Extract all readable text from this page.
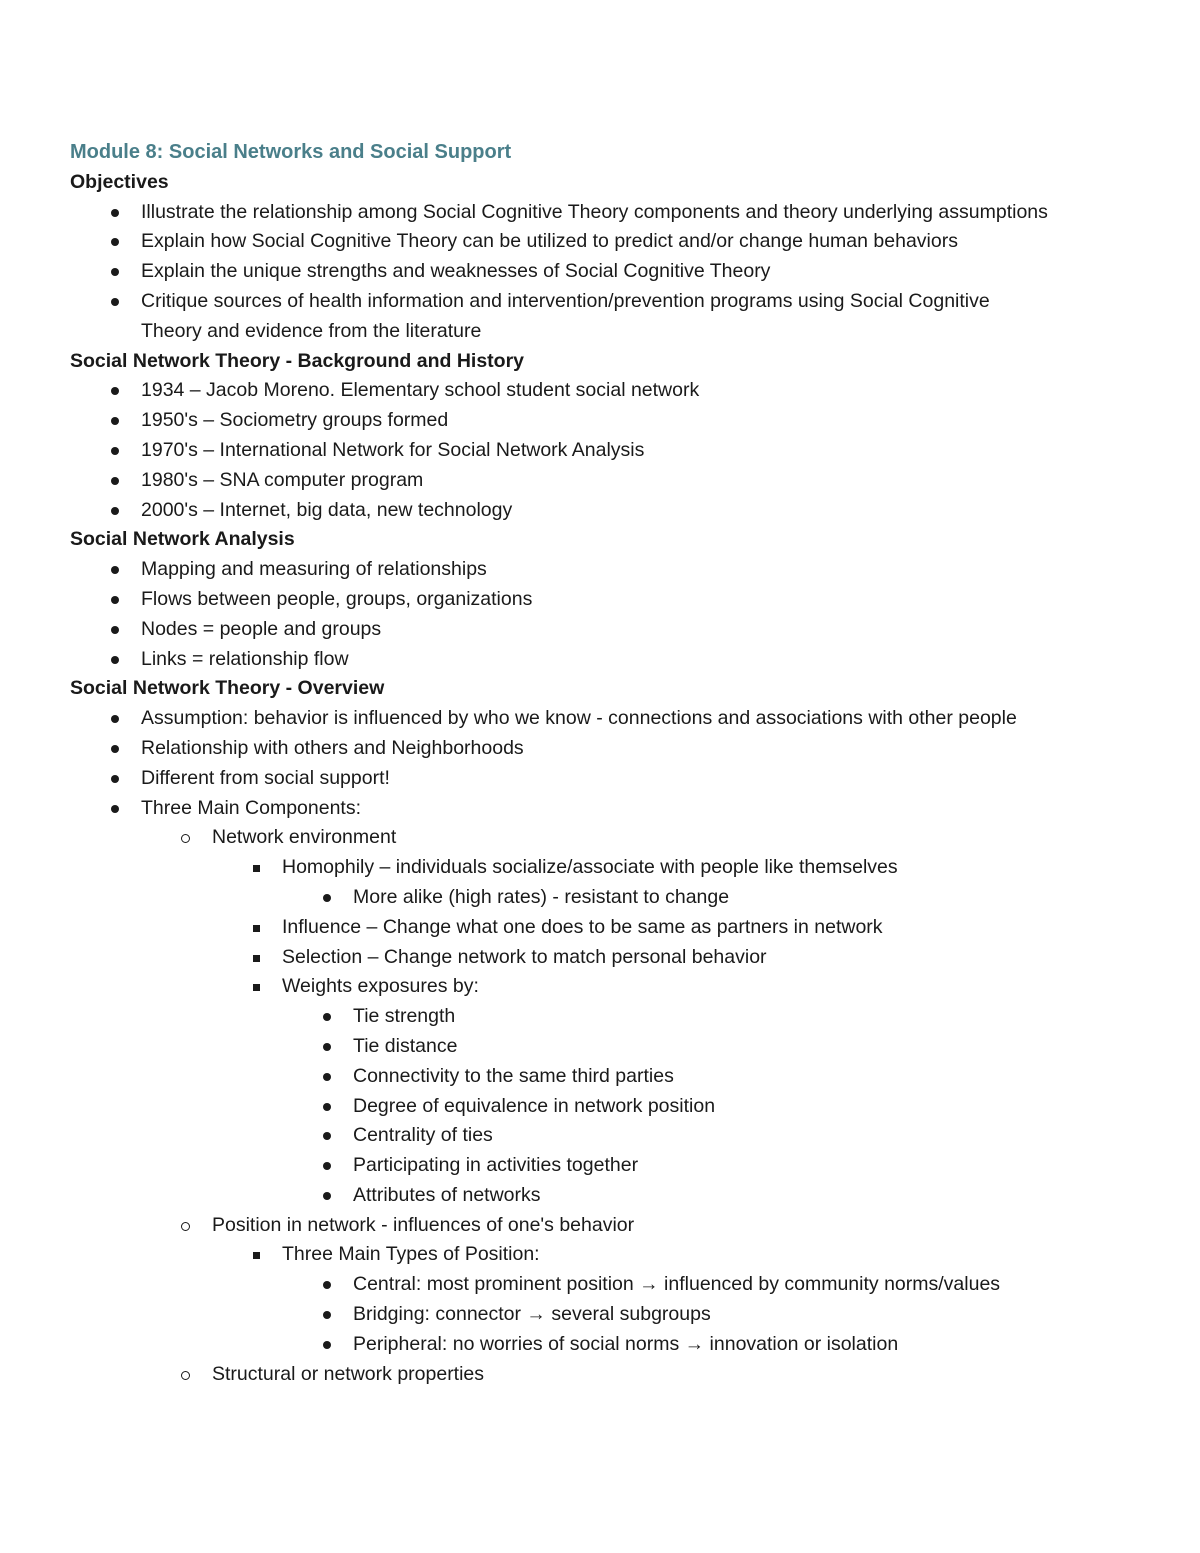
Module 8: Social Networks and Social Support
Objectives
Illustrate the relationship among Social Cognitive Theory components and theory underlying assumptions
Explain how Social Cognitive Theory can be utilized to predict and/or change human behaviors
Explain the unique strengths and weaknesses of Social Cognitive Theory
Critique sources of health information and intervention/prevention programs using Social Cognitive
Theory and evidence from the literature
Social Network Theory - Background and History
1934 – Jacob Moreno. Elementary school student social network
1950's – Sociometry groups formed
1970's – International Network for Social Network Analysis
1980's – SNA computer program
2000's – Internet, big data, new technology
Social Network Analysis
Mapping and measuring of relationships
Flows between people, groups, organizations
Nodes = people and groups
Links = relationship flow
Social Network Theory - Overview
Assumption: behavior is influenced by who we know - connections and associations with other people
Relationship with others and Neighborhoods
Different from social support!
Three Main Components:
Network environment
Homophily – individuals socialize/associate with people like themselves
More alike (high rates) - resistant to change
Influence – Change what one does to be same as partners in network
Selection – Change network to match personal behavior
Weights exposures by:
Tie strength
Tie distance
Connectivity to the same third parties
Degree of equivalence in network position
Centrality of ties
Participating in activities together
Attributes of networks
Position in network - influences of one's behavior
Three Main Types of Position:
Central: most prominent position → influenced by community norms/values
Bridging: connector → several subgroups
Peripheral: no worries of social norms → innovation or isolation
Structural or network properties
